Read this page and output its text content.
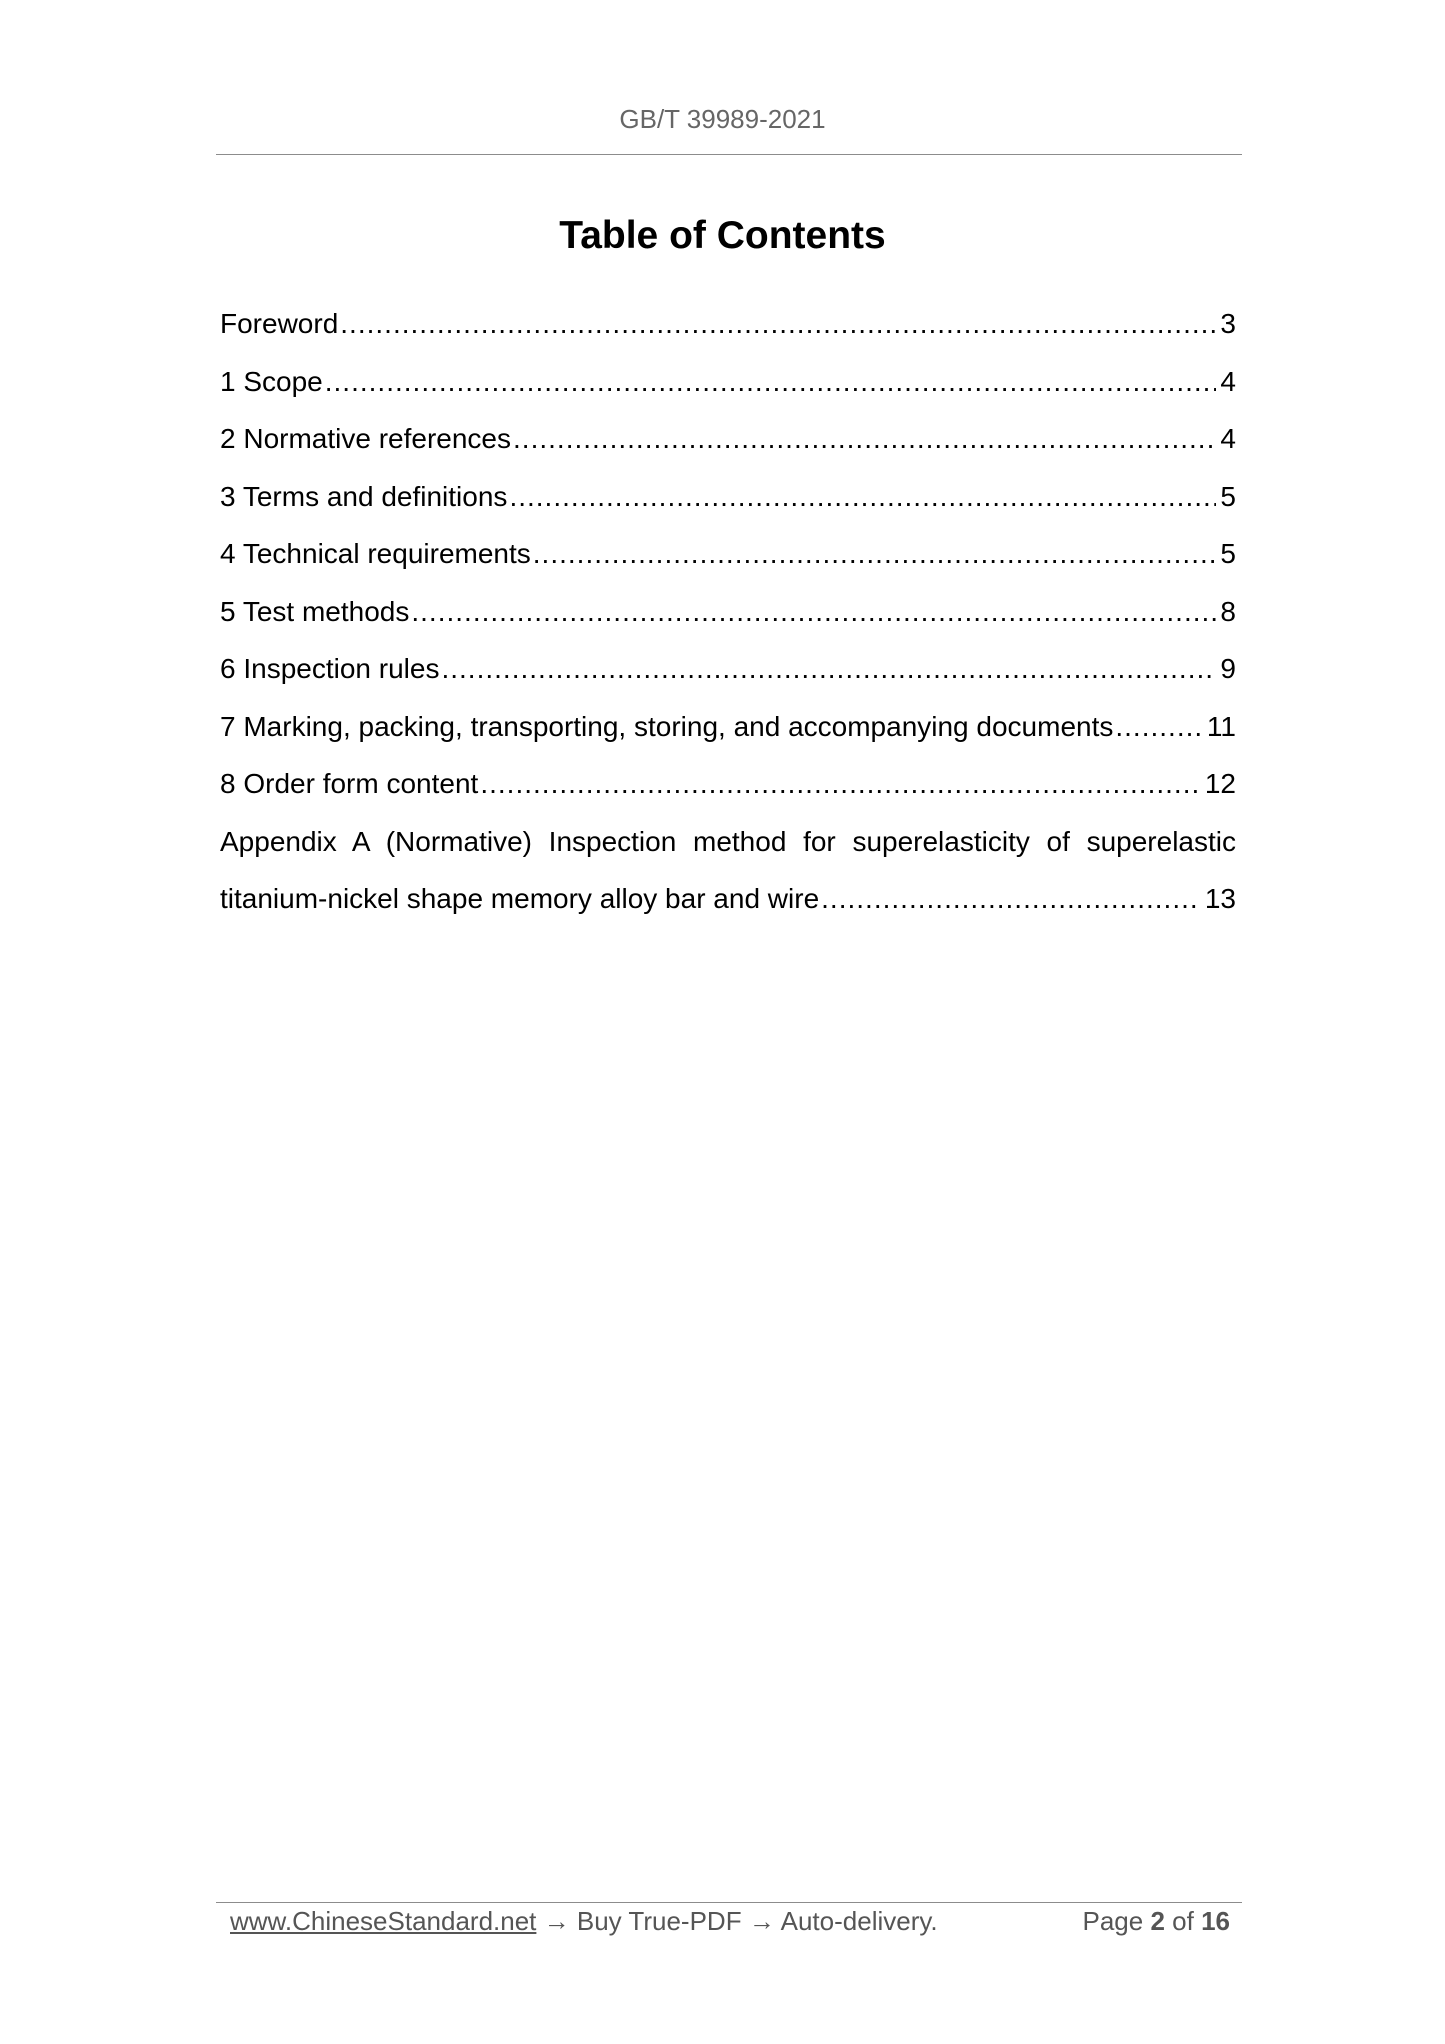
GB/T 39989-2021
Table of Contents
Foreword .....	3
1 Scope .....	4
2 Normative references .....	4
3 Terms and definitions .....	5
4 Technical requirements .....	5
5 Test methods .....	8
6 Inspection rules .....	9
7 Marking, packing, transporting, storing, and accompanying documents .....	11
8 Order form content .....	12
Appendix A (Normative) Inspection method for superelasticity of superelastic
titanium-nickel shape memory alloy bar and wire .....	13
www.ChineseStandard.net → Buy True-PDF → Auto-delivery.	Page 2 of 16
